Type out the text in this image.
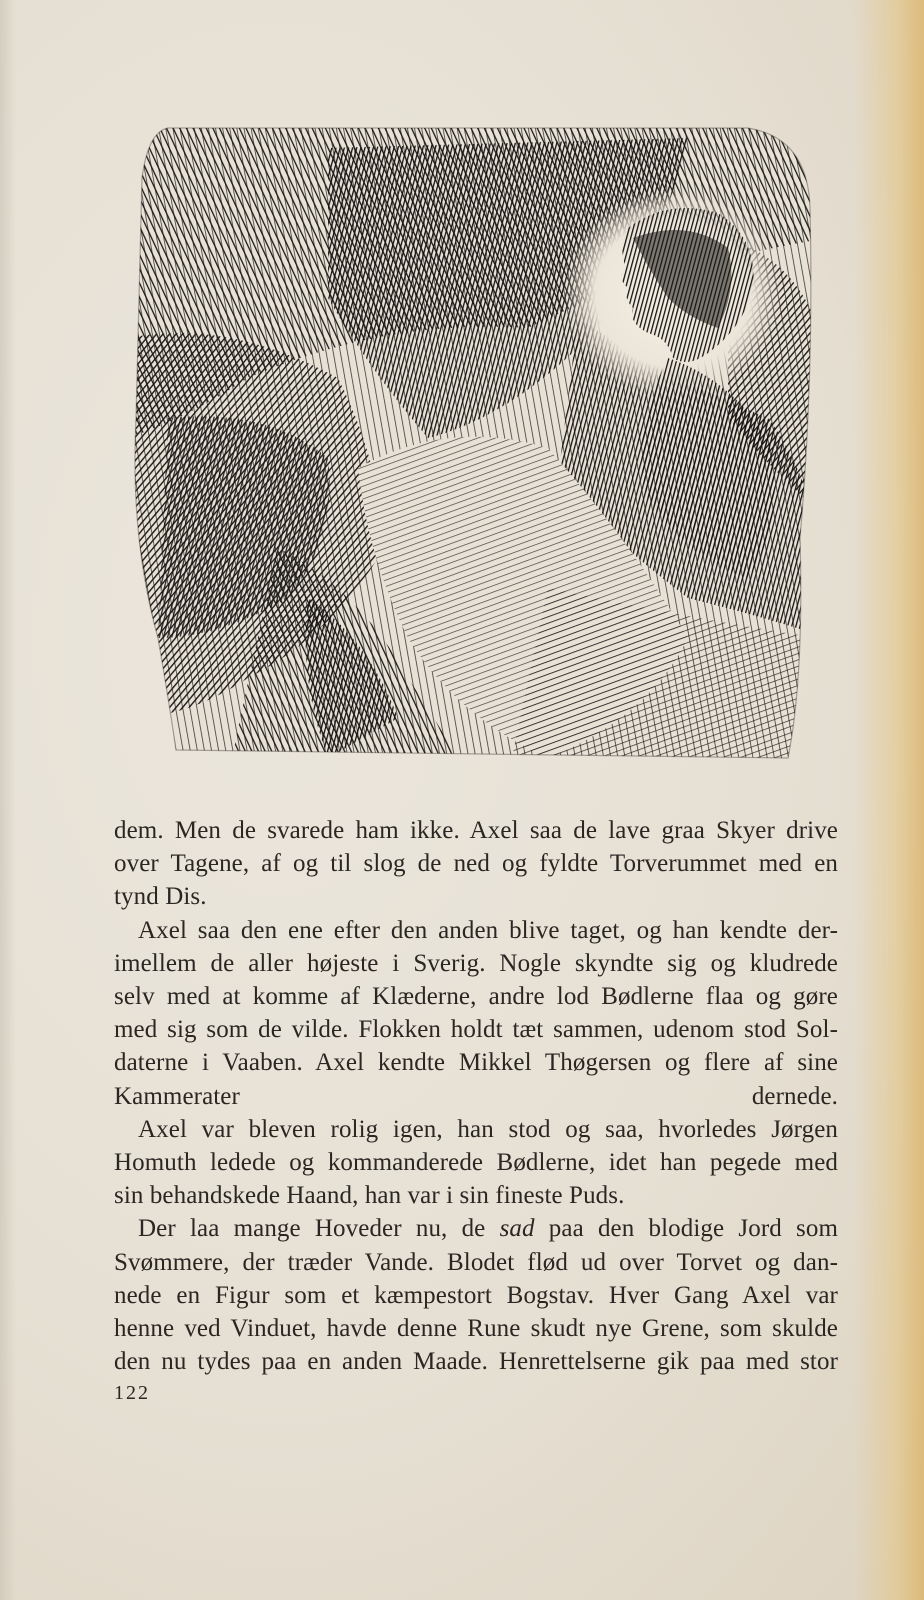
dem. Men de svarede ham ikke. Axel saa de lave graa Skyer drive
over Tagene, af og til slog de ned og fyldte Torverummet med en
tynd Dis.

Axel saa den ene efter den anden blive taget, og han kendte der-
imellem de aller højeste i Sverig. Nogle skyndte sig og kludrede
selv med at komme af Klæderne, andre lod Bødlerne flaa og gøre
med sig som de vilde. Flokken holdt tæt sammen, udenom stod Sol-
daterne i Vaaben. Axel kendte Mikkel Thøgersen og flere af sine
Kammerater dernede.

Axel var bleven rolig igen, han stod og saa, hvorledes Jørgen
Homuth ledede og kommanderede Bødlerne, idet han pegede med
sin behandskede Haand, han var i sin fineste Puds.

Der laa mange Hoveder nu, de sad paa den blodige Jord som
Svømmere, der træder Vande. Blodet flød ud over Torvet og dan-
nede en Figur som et kæmpestort Bogstav. Hver Gang Axel var
henne ved Vinduet, havde denne Rune skudt nye Grene, som skulde
den nu tydes paa en anden Maade. Henrettelserne gik paa med stor

122
